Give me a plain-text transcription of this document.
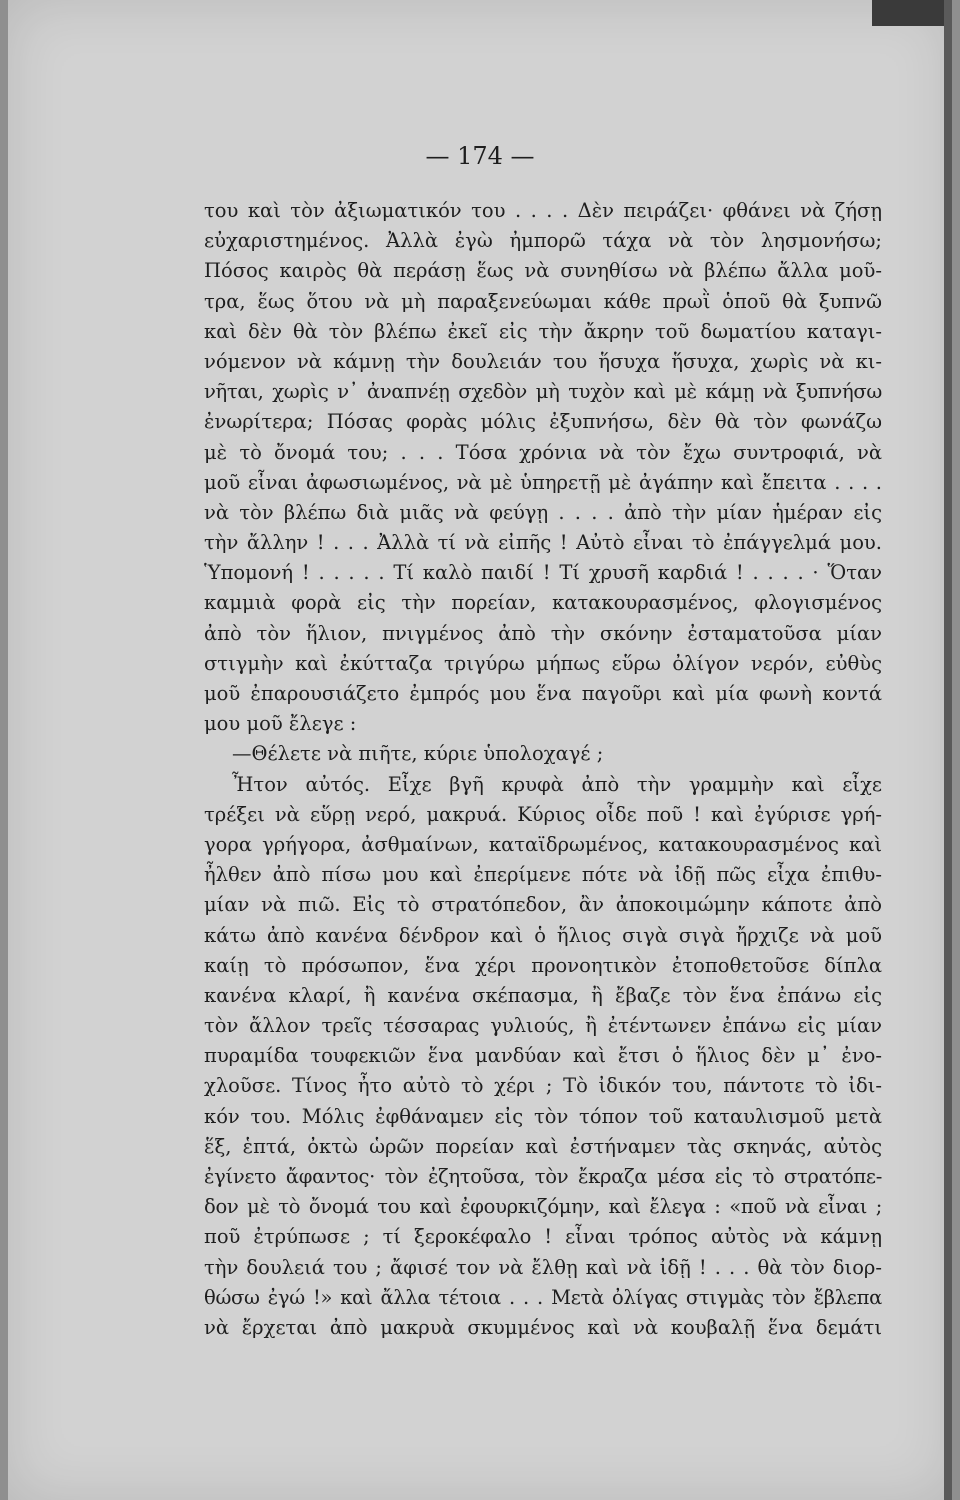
— 174 —
του καὶ τὸν ἀξιωματικόν του . . . . Δὲν πειράζει· φθάνει νὰ ζήσῃ
εὐχαριστημένος. Ἀλλὰ ἐγὼ ἠμπορῶ τάχα νὰ τὸν λησμονήσω;
Πόσος καιρὸς θὰ περάσῃ ἕως νὰ συνηθίσω νὰ βλέπω ἄλλα μοῦ-
τρα, ἕως ὅτου νὰ μὴ παραξενεύωμαι κάθε πρωῒ ὁποῦ θὰ ξυπνῶ
καὶ δὲν θὰ τὸν βλέπω ἐκεῖ εἰς τὴν ἄκρην τοῦ δωματίου καταγι-
νόμενον νὰ κάμνῃ τὴν δουλειάν του ἥσυχα ἥσυχα, χωρὶς νὰ κι-
νῆται, χωρὶς ν᾽ ἀναπνέῃ σχεδὸν μὴ τυχὸν καὶ μὲ κάμῃ νὰ ξυπνήσω
ἐνωρίτερα; Πόσας φορὰς μόλις ἐξυπνήσω, δὲν θὰ τὸν φωνάζω
μὲ τὸ ὄνομά του; . . . Τόσα χρόνια νὰ τὸν ἔχω συντροφιά, νὰ
μοῦ εἶναι ἀφωσιωμένος, νὰ μὲ ὑπηρετῇ μὲ ἀγάπην καὶ ἔπειτα . . . .
νὰ τὸν βλέπω διὰ μιᾶς νὰ φεύγῃ . . . . ἀπὸ τὴν μίαν ἡμέραν εἰς
τὴν ἄλλην ! . . . Ἀλλὰ τί νὰ εἰπῆς ! Αὐτὸ εἶναι τὸ ἐπάγγελμά μου.
Ὑπομονή ! . . . . . Τί καλὸ παιδί ! Τί χρυσῆ καρδιά ! . . . . · Ὅταν
καμμιὰ φορὰ εἰς τὴν πορείαν, κατακουρασμένος, φλογισμένος
ἀπὸ τὸν ἥλιον, πνιγμένος ἀπὸ τὴν σκόνην ἐσταματοῦσα μίαν
στιγμὴν καὶ ἐκύτταζα τριγύρω μήπως εὕρω ὀλίγον νερόν, εὐθὺς
μοῦ ἐπαρουσιάζετο ἐμπρός μου ἕνα παγοῦρι καὶ μία φωνὴ κοντά
μου μοῦ ἔλεγε :
—Θέλετε νὰ πιῆτε, κύριε ὑπολοχαγέ ;
Ἦτον αὐτός. Εἶχε βγῆ κρυφὰ ἀπὸ τὴν γραμμὴν καὶ εἶχε
τρέξει νὰ εὕρῃ νερό, μακρυά. Κύριος οἶδε ποῦ ! καὶ ἐγύρισε γρή-
γορα γρήγορα, ἀσθμαίνων, καταϊδρωμένος, κατακουρασμένος καὶ
ἦλθεν ἀπὸ πίσω μου καὶ ἐπερίμενε πότε νὰ ἰδῇ πῶς εἶχα ἐπιθυ-
μίαν νὰ πιῶ. Εἰς τὸ στρατόπεδον, ἂν ἀποκοιμώμην κάποτε ἀπὸ
κάτω ἀπὸ κανένα δένδρον καὶ ὁ ἥλιος σιγὰ σιγὰ ἤρχιζε νὰ μοῦ
καίῃ τὸ πρόσωπον, ἕνα χέρι προνοητικὸν ἐτοποθετοῦσε δίπλα
κανένα κλαρί, ἢ κανένα σκέπασμα, ἢ ἔβαζε τὸν ἕνα ἐπάνω εἰς
τὸν ἄλλον τρεῖς τέσσαρας γυλιούς, ἢ ἐτέντωνεν ἐπάνω εἰς μίαν
πυραμίδα τουφεκιῶν ἕνα μανδύαν καὶ ἔτσι ὁ ἥλιος δὲν μ᾽ ἐνο-
χλοῦσε. Τίνος ἦτο αὐτὸ τὸ χέρι ; Τὸ ἰδικόν του, πάντοτε τὸ ἰδι-
κόν του. Μόλις ἐφθάναμεν εἰς τὸν τόπον τοῦ καταυλισμοῦ μετὰ
ἕξ, ἑπτά, ὀκτὼ ὡρῶν πορείαν καὶ ἐστήναμεν τὰς σκηνάς, αὐτὸς
ἐγίνετο ἄφαντος· τὸν ἐζητοῦσα, τὸν ἔκραζα μέσα εἰς τὸ στρατόπε-
δον μὲ τὸ ὄνομά του καὶ ἐφουρκιζόμην, καὶ ἔλεγα : «ποῦ νὰ εἶναι ;
ποῦ ἐτρύπωσε ; τί ξεροκέφαλο ! εἶναι τρόπος αὐτὸς νὰ κάμνῃ
τὴν δουλειά του ; ἄφισέ τον νὰ ἔλθῃ καὶ νὰ ἰδῇ ! . . . θὰ τὸν διορ-
θώσω ἐγώ !» καὶ ἄλλα τέτοια . . . Μετὰ ὀλίγας στιγμὰς τὸν ἔβλεπα
νὰ ἔρχεται ἀπὸ μακρυὰ σκυμμένος καὶ νὰ κουβαλῇ ἕνα δεμάτι
